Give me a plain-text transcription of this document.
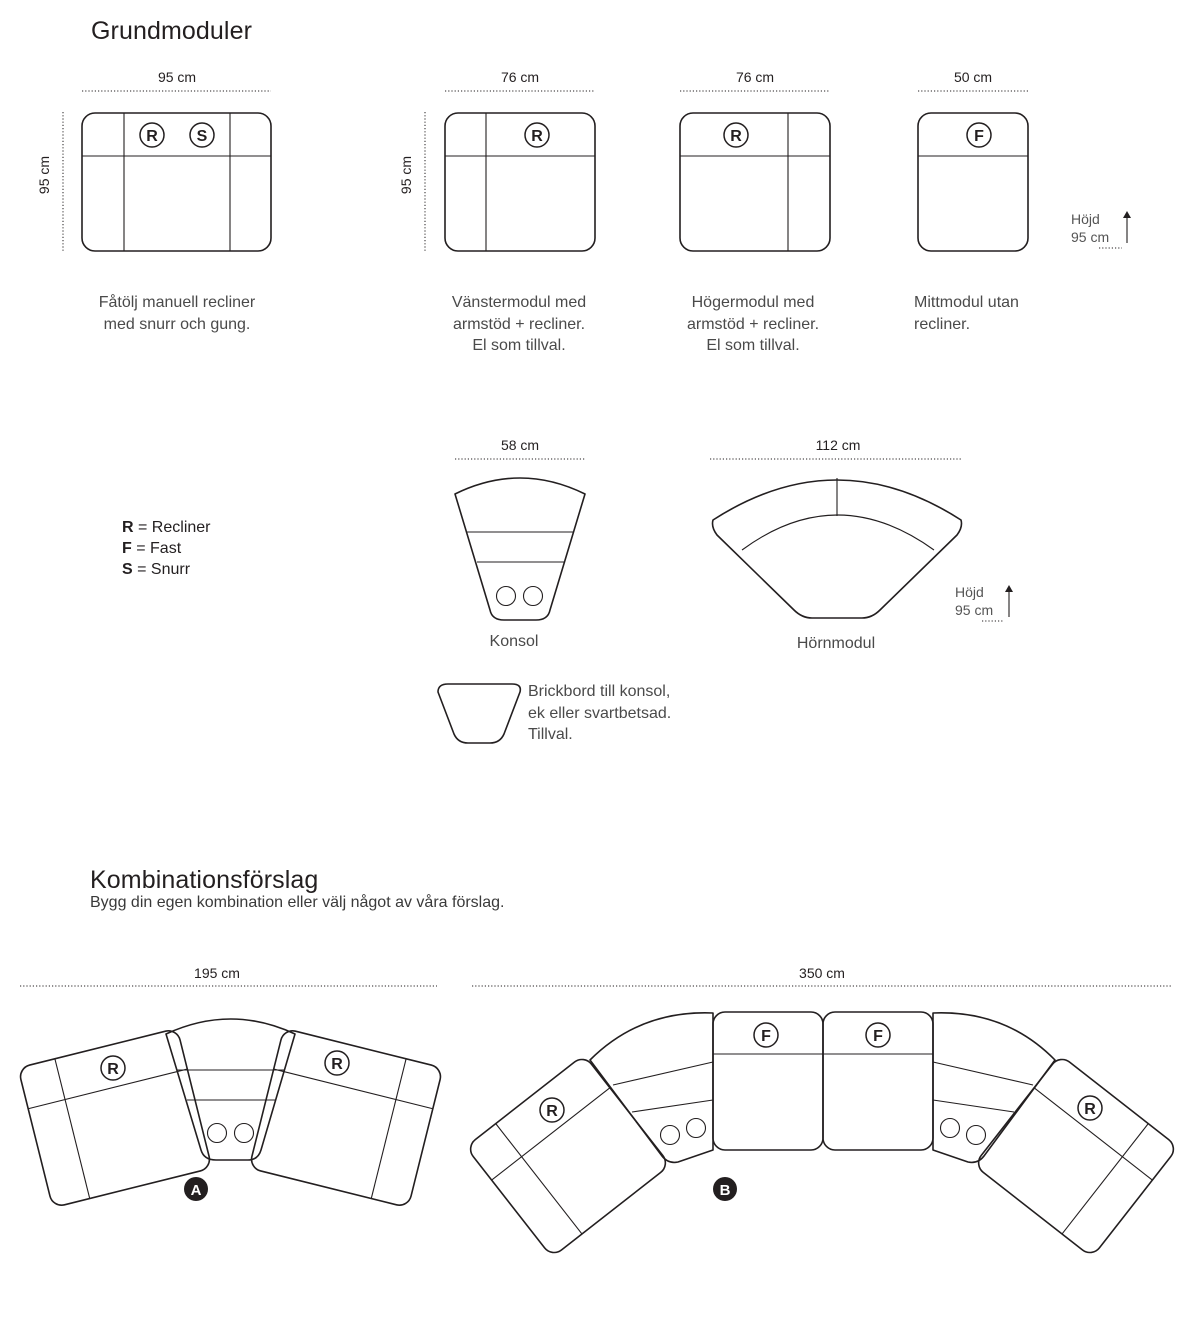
Grundmoduler
Kombinationsförslag
Bygg din egen kombination eller välj något av våra förslag.
95 cm	76 cm	76 cm	50 cm
95 cm	95 cm
58 cm	112 cm
195 cm	350 cm
Fåtölj manuell recliner
med snurr och gung.
Vänstermodul med
armstöd + recliner.
El som tillval.
Högermodul med
armstöd + recliner.
El som tillval.
Mittmodul utan
recliner.
Höjd
95 cm
Höjd
95 cm
R = Recliner
F = Fast
S = Snurr
Konsol	Hörnmodul
Brickbord till konsol,
ek eller svartbetsad.
Tillval.
R S	R	R	F
R	R
A
R
F	F
R
B
